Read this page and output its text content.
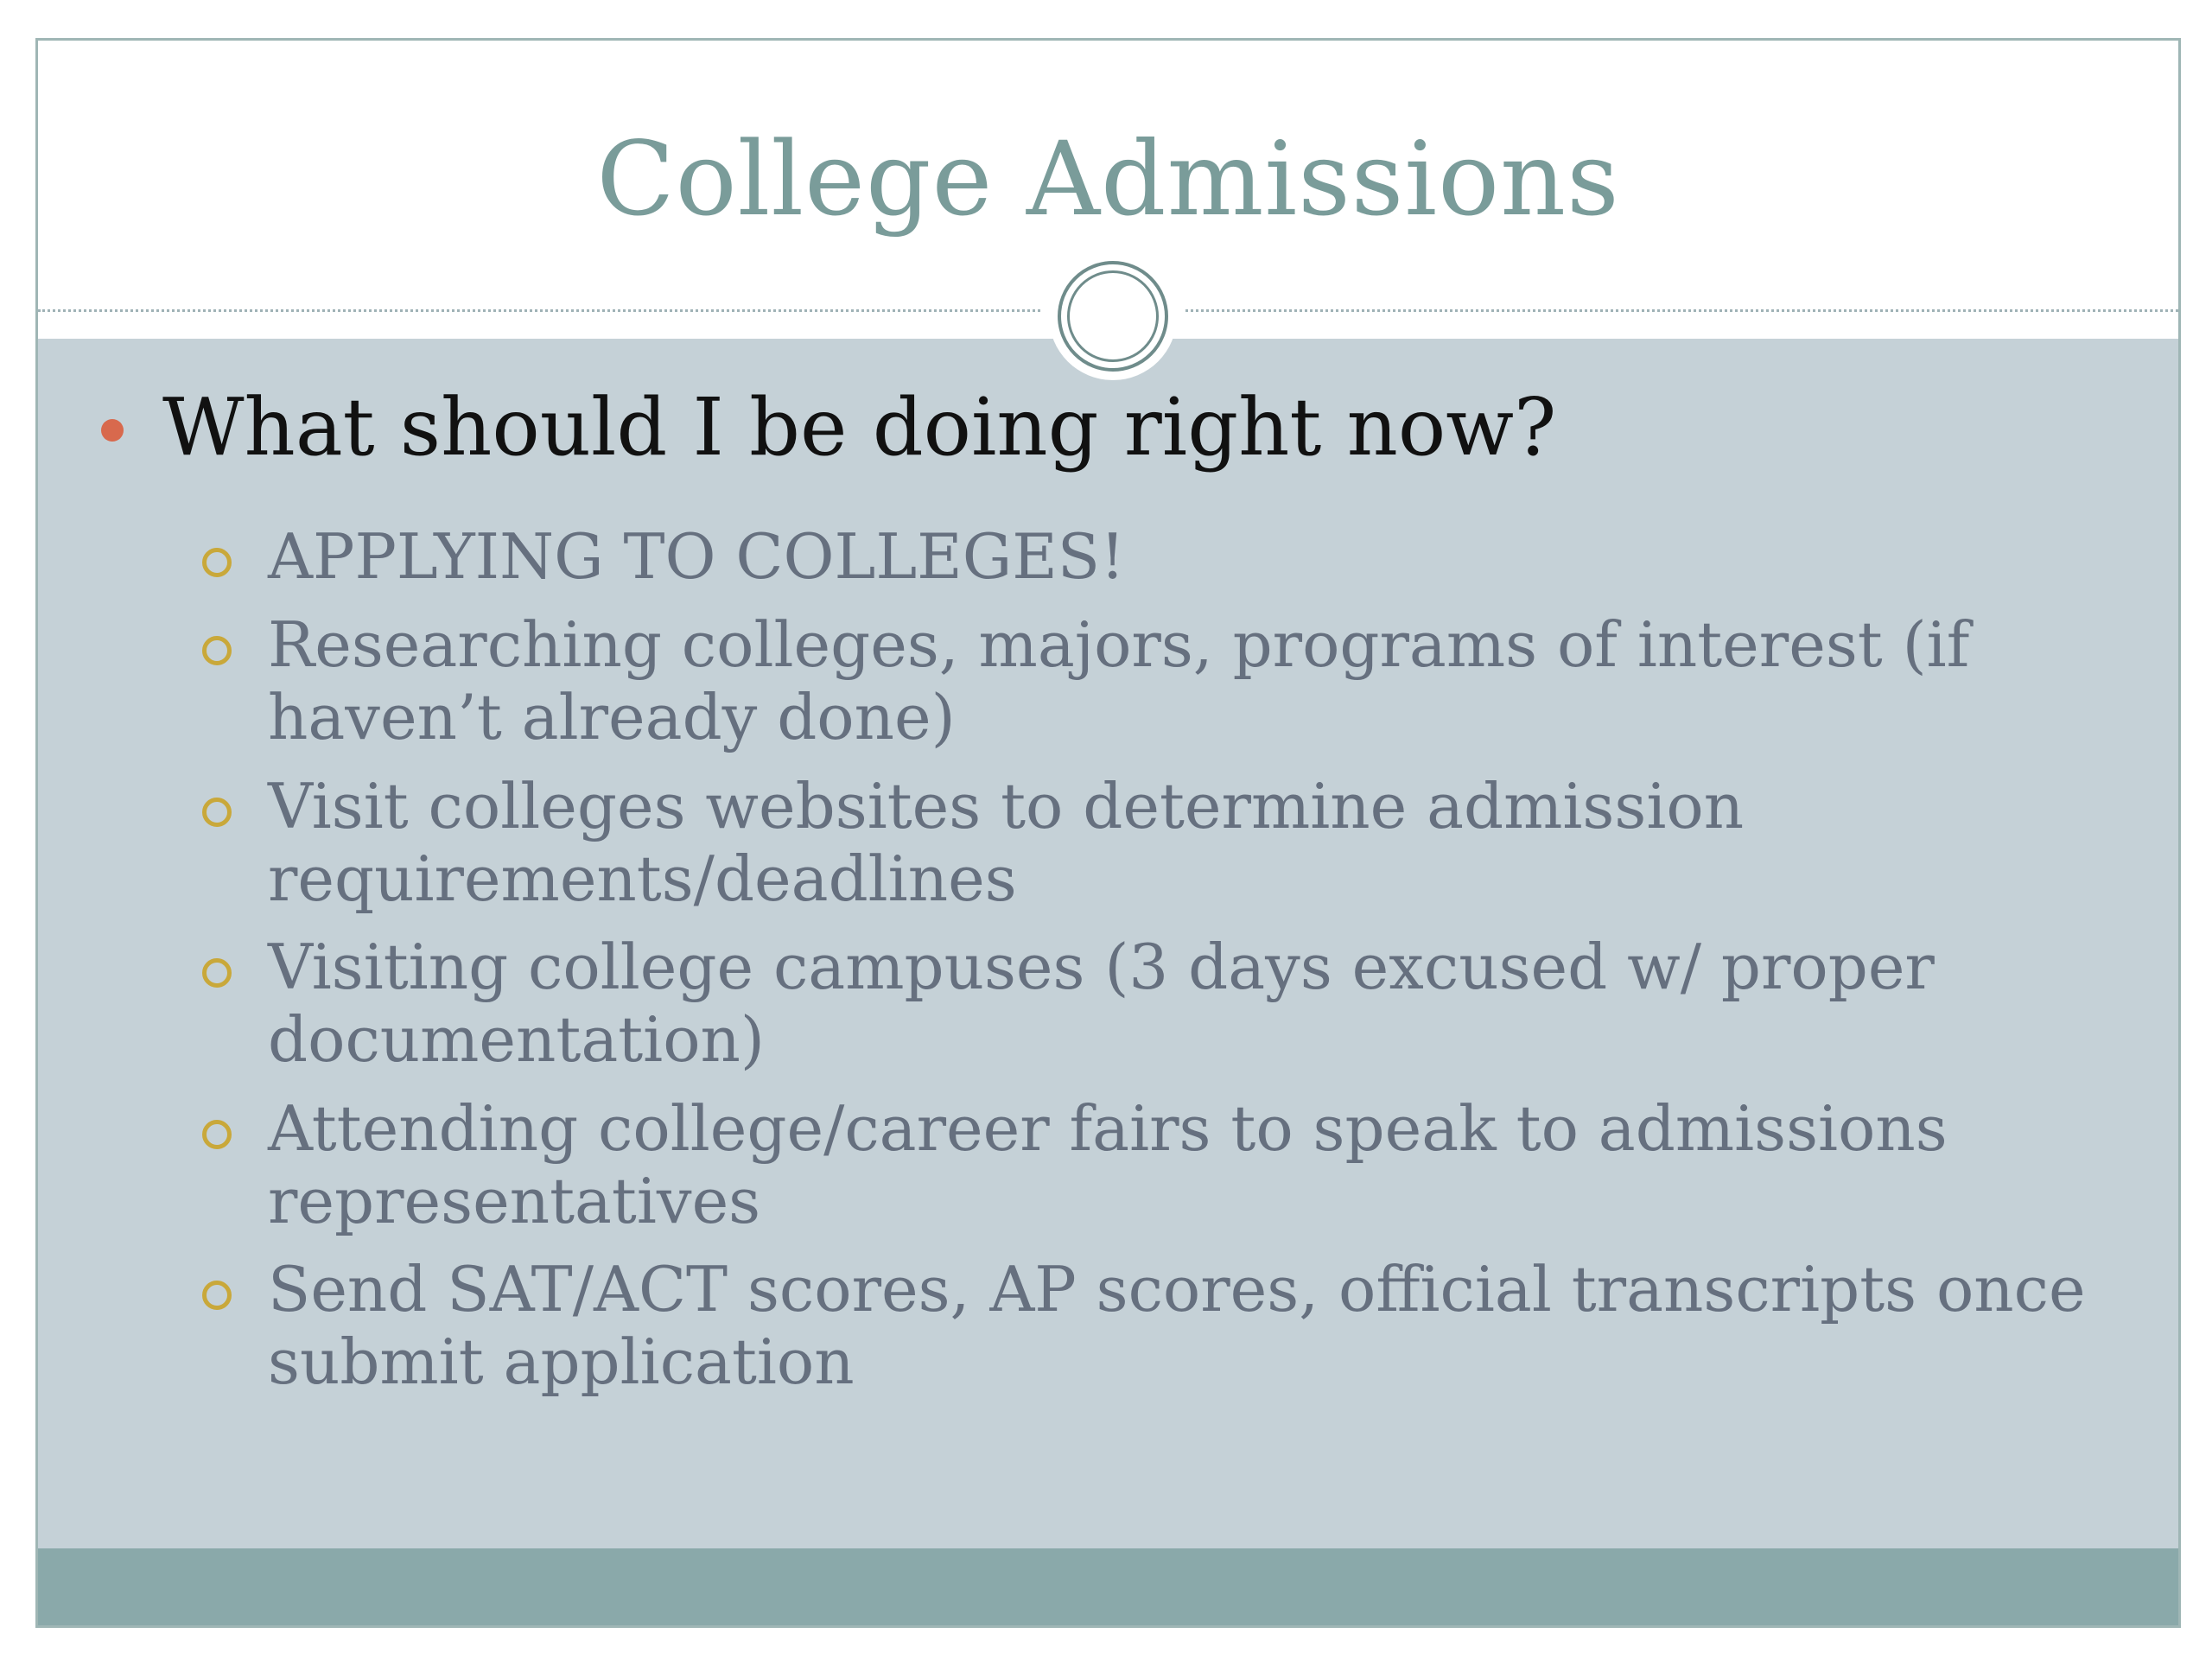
College Admissions
What should I be doing right now?
APPLYING TO COLLEGES!
Researching colleges, majors, programs of interest (if haven’t already done)
Visit colleges websites to determine admission requirements/deadlines
Visiting college campuses (3 days excused w/ proper documentation)
Attending college/career fairs to speak to admissions representatives
Send SAT/ACT scores, AP scores, official transcripts once submit application
